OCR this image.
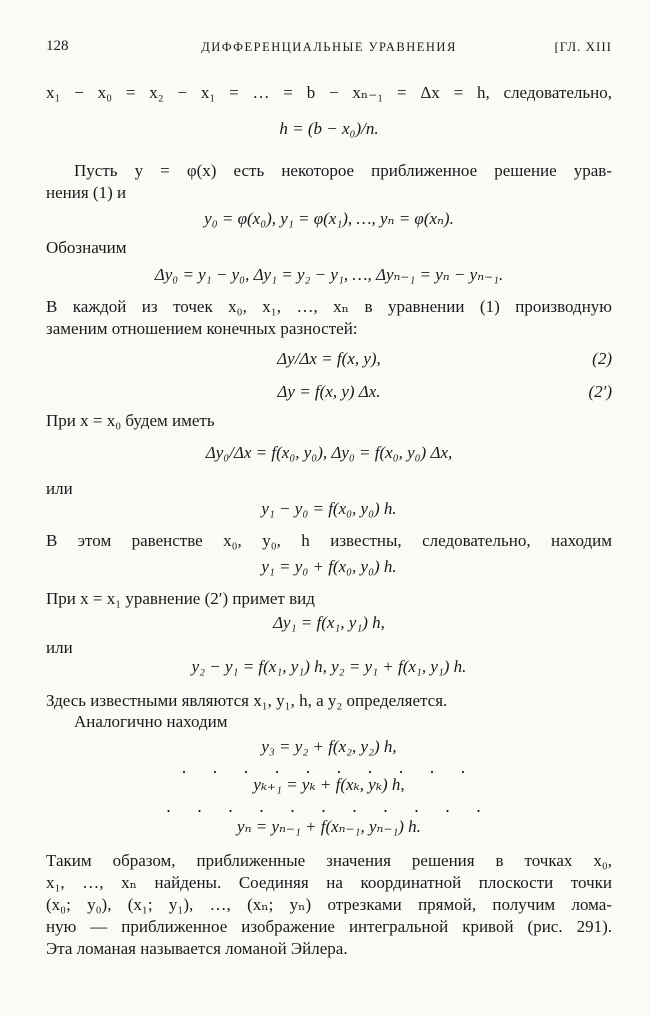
128	ДИФФЕРЕНЦИАЛЬНЫЕ УРАВНЕНИЯ	[ГЛ. XIII
x₁ − x₀ = x₂ − x₁ = … = b − xₙ₋₁ = Δx = h, следовательно,
h = (b − x₀)/n.
Пусть y = φ(x) есть некоторое приближенное решение урав-
нения (1) и
y₀ = φ(x₀), y₁ = φ(x₁), …, yₙ = φ(xₙ).
Обозначим
Δy₀ = y₁ − y₀, Δy₁ = y₂ − y₁, …, Δyₙ₋₁ = yₙ − yₙ₋₁.
В каждой из точек x₀, x₁, …, xₙ в уравнении (1) производную
заменим отношением конечных разностей:
Δy/Δx = f(x, y),	(2)
Δy = f(x, y) Δx.	(2′)
При x = x₀ будем иметь
Δy₀/Δx = f(x₀, y₀), Δy₀ = f(x₀, y₀) Δx,
или
y₁ − y₀ = f(x₀, y₀) h.
В этом равенстве x₀, y₀, h известны, следовательно, находим
y₁ = y₀ + f(x₀, y₀) h.
При x = x₁ уравнение (2′) примет вид
Δy₁ = f(x₁, y₁) h,
или
y₂ − y₁ = f(x₁, y₁) h, y₂ = y₁ + f(x₁, y₁) h.
Здесь известными являются x₁, y₁, h, а y₂ определяется.
Аналогично находим
y₃ = y₂ + f(x₂, y₂) h,
. . . . . . . . . .
yₖ₊₁ = yₖ + f(xₖ, yₖ) h,
. . . . . . . . . . .
yₙ = yₙ₋₁ + f(xₙ₋₁, yₙ₋₁) h.
Таким образом, приближенные значения решения в точках x₀,
x₁, …, xₙ найдены. Соединяя на координатной плоскости точки
(x₀; y₀), (x₁; y₁), …, (xₙ; yₙ) отрезками прямой, получим лома-
ную — приближенное изображение интегральной кривой (рис. 291).
Эта ломаная называется ломаной Эйлера.
